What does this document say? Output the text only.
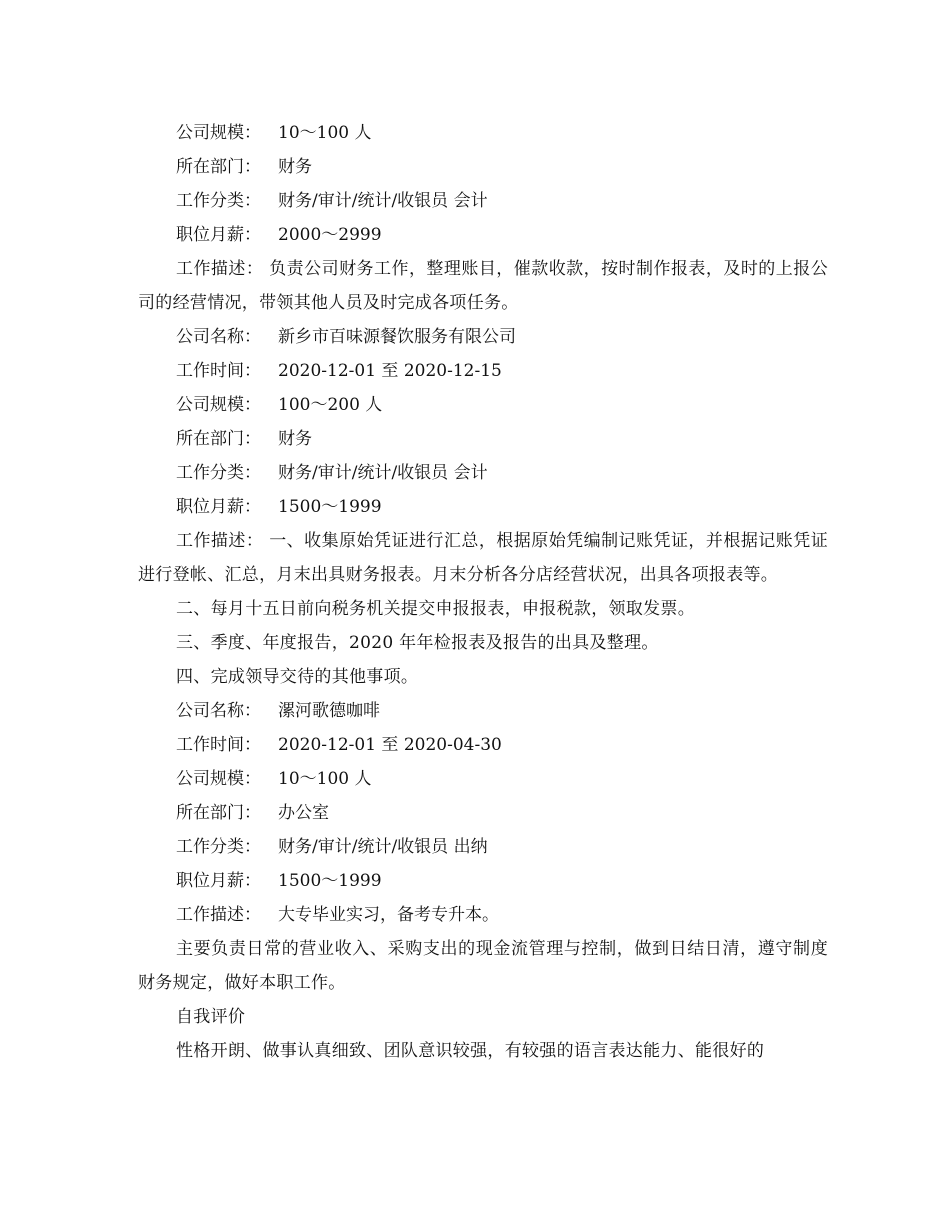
公司规模： 10～100 人
所在部门： 财务
工作分类： 财务/审计/统计/收银员 会计
职位月薪： 2000～2999
工作描述： 负责公司财务工作，整理账目，催款收款，按时制作报表，及时的上报公司的经营情况，带领其他人员及时完成各项任务。
公司名称： 新乡市百味源餐饮服务有限公司
工作时间： 2020-12-01 至 2020-12-15
公司规模： 100～200 人
所在部门： 财务
工作分类： 财务/审计/统计/收银员 会计
职位月薪： 1500～1999
工作描述： 一、收集原始凭证进行汇总，根据原始凭编制记账凭证，并根据记账凭证进行登帐、汇总，月末出具财务报表。月末分析各分店经营状况，出具各项报表等。
二、每月十五日前向税务机关提交申报报表，申报税款，领取发票。
三、季度、年度报告，2020 年年检报表及报告的出具及整理。
四、完成领导交待的其他事项。
公司名称： 漯河歌德咖啡
工作时间： 2020-12-01 至 2020-04-30
公司规模： 10～100 人
所在部门： 办公室
工作分类： 财务/审计/统计/收银员 出纳
职位月薪： 1500～1999
工作描述： 大专毕业实习，备考专升本。
主要负责日常的营业收入、采购支出的现金流管理与控制，做到日结日清，遵守制度财务规定，做好本职工作。
自我评价
性格开朗、做事认真细致、团队意识较强，有较强的语言表达能力、能很好的
